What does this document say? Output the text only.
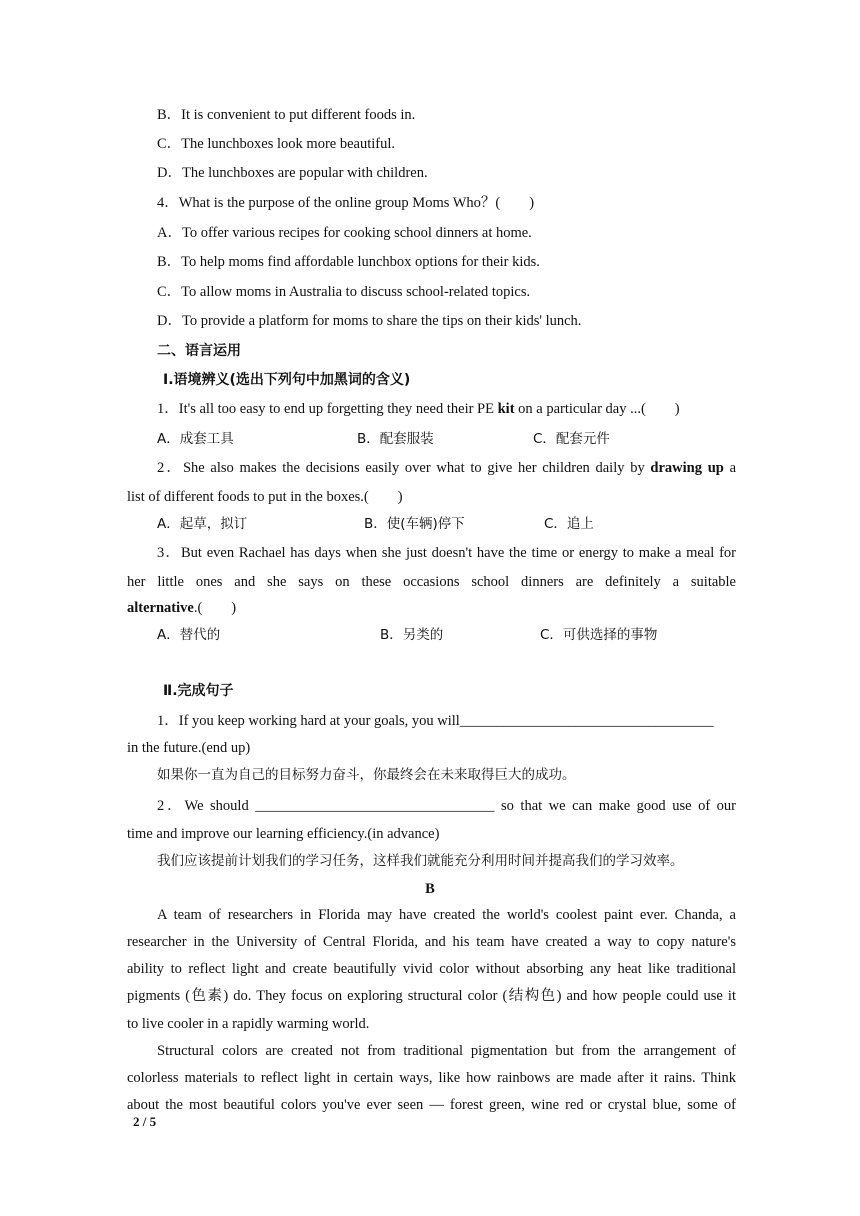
B．It is convenient to put different foods in.
C．The lunchboxes look more beautiful.
D．The lunchboxes are popular with children.
4．What is the purpose of the online group Moms Who？(　　)
A．To offer various recipes for cooking school dinners at home.
B．To help moms find affordable lunchbox options for their kids.
C．To allow moms in Australia to discuss school-related topics.
D．To provide a platform for moms to share the tips on their kids' lunch.
二、语言运用
Ⅰ.语境辨义(选出下列句中加黑词的含义)
1．It's all too easy to end up forgetting they need their PE kit on a particular day ...(　　)
A．成套工具	B．配套服装	C．配套元件
2．She also makes the decisions easily over what to give her children daily by drawing up a
list of different foods to put in the boxes.(　　)
A．起草，拟订	B．使(车辆)停下	C．追上
3．But even Rachael has days when she just doesn't have the time or energy to make a meal for
her little ones and she says on these occasions school dinners are definitely a suitable
alternative.(　　)
A．替代的	B．另类的	C．可供选择的事物
Ⅱ.完成句子
1．If you keep working hard at your goals, you will___________________________________
in the future.(end up)
如果你一直为自己的目标努力奋斗，你最终会在未来取得巨大的成功。
2．We should _________________________________ so that we can make good use of our
time and improve our learning efficiency.(in advance)
我们应该提前计划我们的学习任务，这样我们就能充分利用时间并提高我们的学习效率。
B
A team of researchers in Florida may have created the world's coolest paint ever. Chanda, a
researcher in the University of Central Florida, and his team have created a way to copy nature's
ability to reflect light and create beautifully vivid color without absorbing any heat like traditional
pigments (色素) do. They focus on exploring structural color (结构色) and how people could use it
to live cooler in a rapidly warming world.
Structural colors are created not from traditional pigmentation but from the arrangement of
colorless materials to reflect light in certain ways, like how rainbows are made after it rains. Think
about the most beautiful colors you've ever seen — forest green, wine red or crystal blue, some of
2 / 5
